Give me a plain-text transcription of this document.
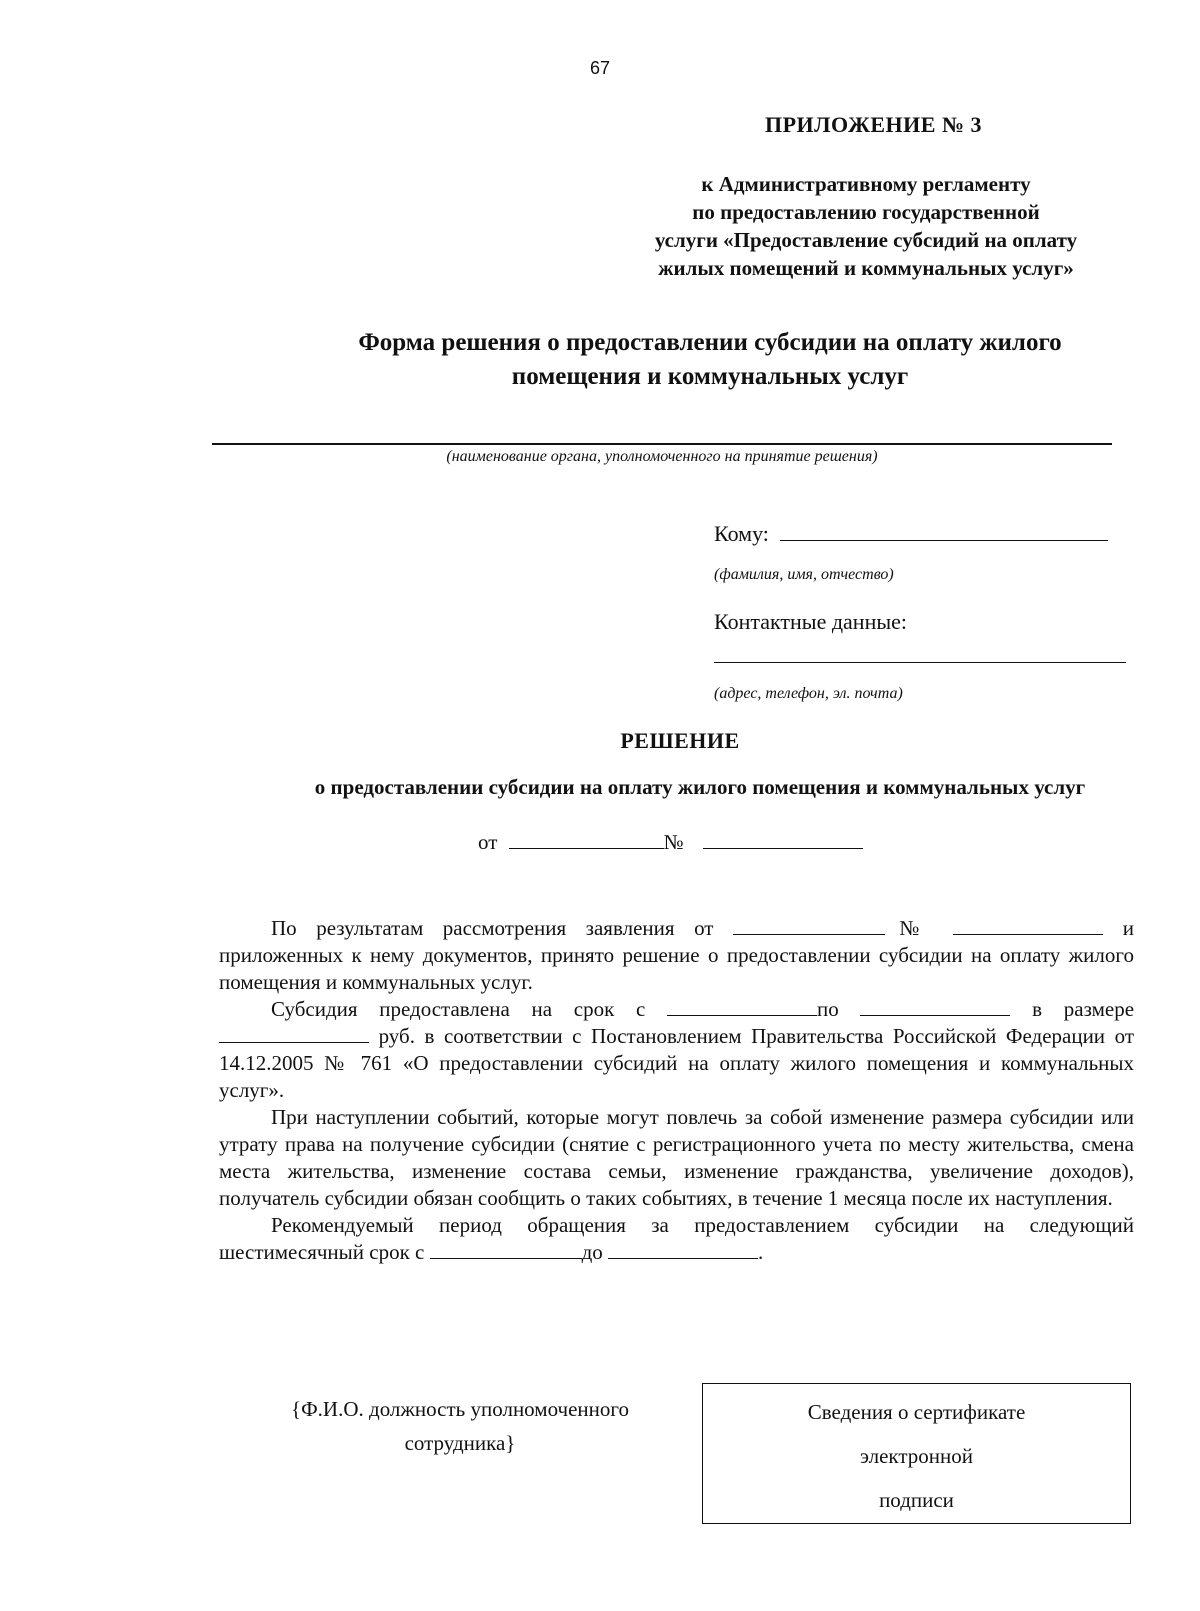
67
ПРИЛОЖЕНИЕ № 3
к Административному регламенту
по предоставлению государственной
услуги «Предоставление субсидий на оплату
жилых помещений и коммунальных услуг»
Форма решения о предоставлении субсидии на оплату жилого
помещения и коммунальных услуг
(наименование органа, уполномоченного на принятие решения)
Кому:
(фамилия, имя, отчество)
Контактные данные:
(адрес, телефон, эл. почта)
РЕШЕНИЕ
о предоставлении субсидии на оплату жилого помещения и коммунальных услуг
от	№

По результатам рассмотрения заявления от	№	и приложенных к нему документов, принято решение о предоставлении субсидии на оплату жилого помещения и коммунальных услуг.

Субсидия предоставлена на срок с	по	в размере  руб. в соответствии с Постановлением Правительства Российской Федерации от 14.12.2005 № 761 «О предоставлении субсидий на оплату жилого помещения и коммунальных услуг».

При наступлении событий, которые могут повлечь за собой изменение размера субсидии или утрату права на получение субсидии (снятие с регистрационного учета по месту жительства, смена места жительства, изменение состава семьи, изменение гражданства, увеличение доходов), получатель субсидии обязан сообщить о таких событиях, в течение 1 месяца после их наступления.

Рекомендуемый период обращения за предоставлением субсидии на следующий шестимесячный срок с	до	.

{Ф.И.О. должность уполномоченного
сотрудника}
Сведения о сертификате
электронной
подписи
